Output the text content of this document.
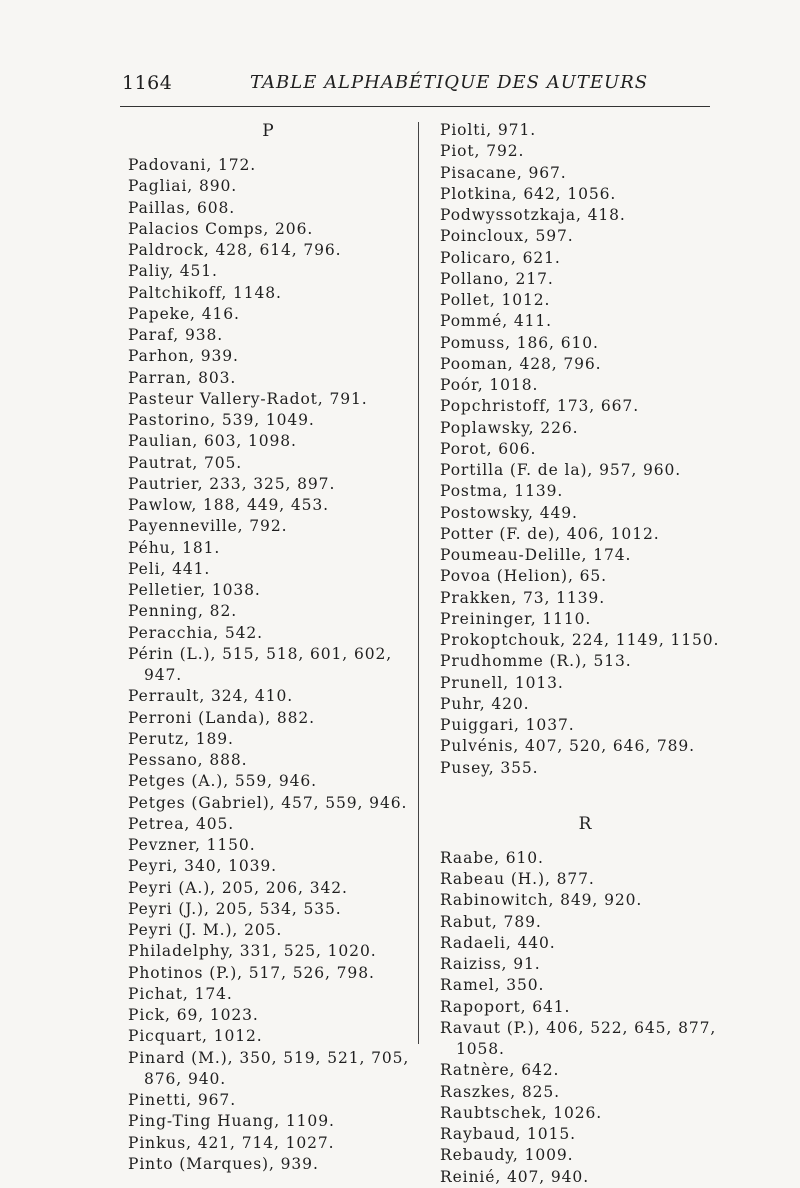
1164	TABLE ALPHABÉTIQUE DES AUTEURS
P
Padovani, 172.
Pagliai, 890.
Paillas, 608.
Palacios Comps, 206.
Paldrock, 428, 614, 796.
Paliy, 451.
Paltchikoff, 1148.
Papeke, 416.
Paraf, 938.
Parhon, 939.
Parran, 803.
Pasteur Vallery-Radot, 791.
Pastorino, 539, 1049.
Paulian, 603, 1098.
Pautrat, 705.
Pautrier, 233, 325, 897.
Pawlow, 188, 449, 453.
Payenneville, 792.
Péhu, 181.
Peli, 441.
Pelletier, 1038.
Penning, 82.
Peracchia, 542.
Périn (L.), 515, 518, 601, 602,
947.
Perrault, 324, 410.
Perroni (Landa), 882.
Perutz, 189.
Pessano, 888.
Petges (A.), 559, 946.
Petges (Gabriel), 457, 559, 946.
Petrea, 405.
Pevzner, 1150.
Peyri, 340, 1039.
Peyri (A.), 205, 206, 342.
Peyri (J.), 205, 534, 535.
Peyri (J. M.), 205.
Philadelphy, 331, 525, 1020.
Photinos (P.), 517, 526, 798.
Pichat, 174.
Pick, 69, 1023.
Picquart, 1012.
Pinard (M.), 350, 519, 521, 705,
876, 940.
Pinetti, 967.
Ping-Ting Huang, 1109.
Pinkus, 421, 714, 1027.
Pinto (Marques), 939.
Piolti, 971.
Piot, 792.
Pisacane, 967.
Plotkina, 642, 1056.
Podwyssotzkaja, 418.
Poincloux, 597.
Policaro, 621.
Pollano, 217.
Pollet, 1012.
Pommé, 411.
Pomuss, 186, 610.
Pooman, 428, 796.
Poór, 1018.
Popchristoff, 173, 667.
Poplawsky, 226.
Porot, 606.
Portilla (F. de la), 957, 960.
Postma, 1139.
Postowsky, 449.
Potter (F. de), 406, 1012.
Poumeau-Delille, 174.
Povoa (Helion), 65.
Prakken, 73, 1139.
Preininger, 1110.
Prokoptchouk, 224, 1149, 1150.
Prudhomme (R.), 513.
Prunell, 1013.
Puhr, 420.
Puiggari, 1037.
Pulvénis, 407, 520, 646, 789.
Pusey, 355.
R
Raabe, 610.
Rabeau (H.), 877.
Rabinowitch, 849, 920.
Rabut, 789.
Radaeli, 440.
Raiziss, 91.
Ramel, 350.
Rapoport, 641.
Ravaut (P.), 406, 522, 645, 877,
1058.
Ratnère, 642.
Raszkes, 825.
Raubtschek, 1026.
Raybaud, 1015.
Rebaudy, 1009.
Reinié, 407, 940.
